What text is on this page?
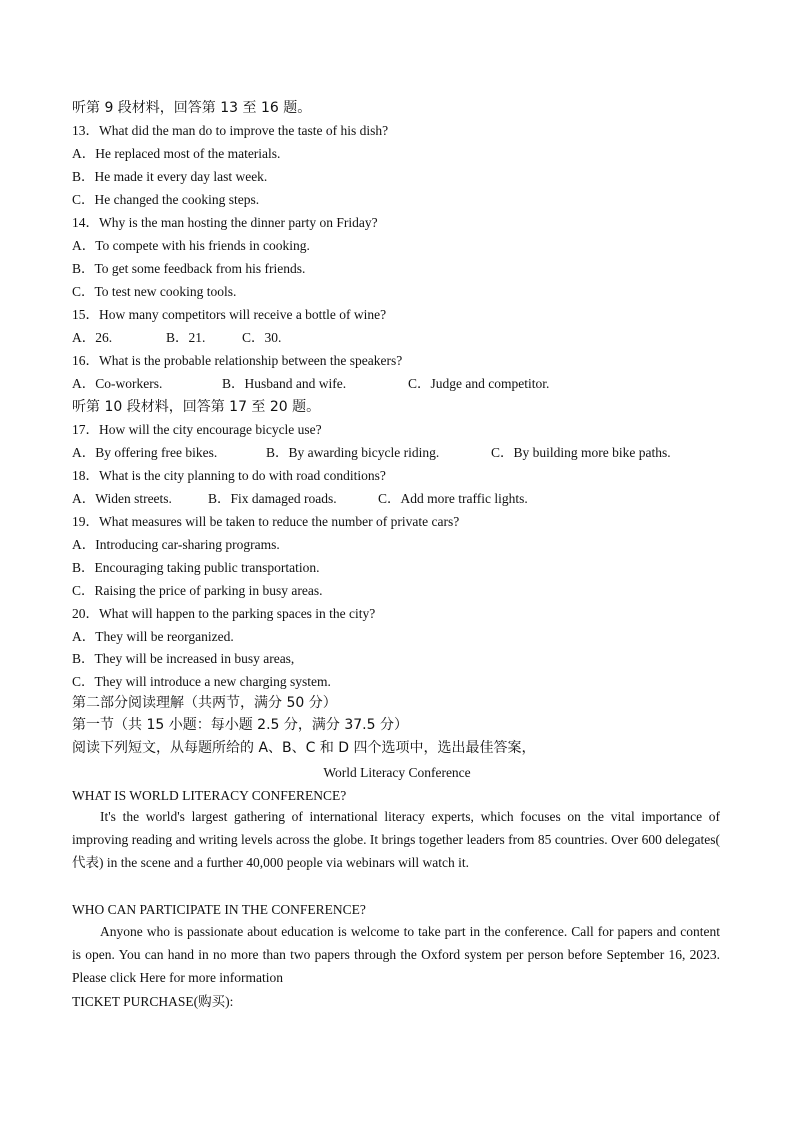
听第 9 段材料，回答第 13 至 16 题。
13．What did the man do to improve the taste of his dish?
A．He replaced most of the materials.
B．He made it every day last week.
C．He changed the cooking steps.
14．Why is the man hosting the dinner party on Friday?
A．To compete with his friends in cooking.
B．To get some feedback from his friends.
C．To test new cooking tools.
15．How many competitors will receive a bottle of wine?
A．26.	B．21.	C．30.
16．What is the probable relationship between the speakers?
A．Co-workers.	B．Husband and wife.	C．Judge and competitor.
听第 10 段材料，回答第 17 至 20 题。
17．How will the city encourage bicycle use?
A．By offering free bikes.	B．By awarding bicycle riding.	C．By building more bike paths.
18．What is the city planning to do with road conditions?
A．Widen streets.	B．Fix damaged roads.	C．Add more traffic lights.
19．What measures will be taken to reduce the number of private cars?
A．Introducing car-sharing programs.
B．Encouraging taking public transportation.
C．Raising the price of parking in busy areas.
20．What will happen to the parking spaces in the city?
A．They will be reorganized.
B．They will be increased in busy areas,
C．They will introduce a new charging system.
第二部分阅读理解（共两节，满分 50 分）
第一节（共 15 小题：每小题 2.5 分，满分 37.5 分）
阅读下列短文，从每题所给的 A、B、C 和 D 四个选项中，选出最佳答案，
World Literacy Conference
WHAT IS WORLD LITERACY CONFERENCE?

It's the world's largest gathering of international literacy experts, which focuses on the vital importance of improving reading and writing levels across the globe. It brings together leaders from 85 countries. Over 600 delegates( 代表) in the scene and a further 40,000 people via webinars will watch it.

WHO CAN PARTICIPATE IN THE CONFERENCE?

Anyone who is passionate about education is welcome to take part in the conference. Call for papers and content is open. You can hand in no more than two papers through the Oxford system per person before September 16, 2023. Please click Here for more information

TICKET PURCHASE(购买):
